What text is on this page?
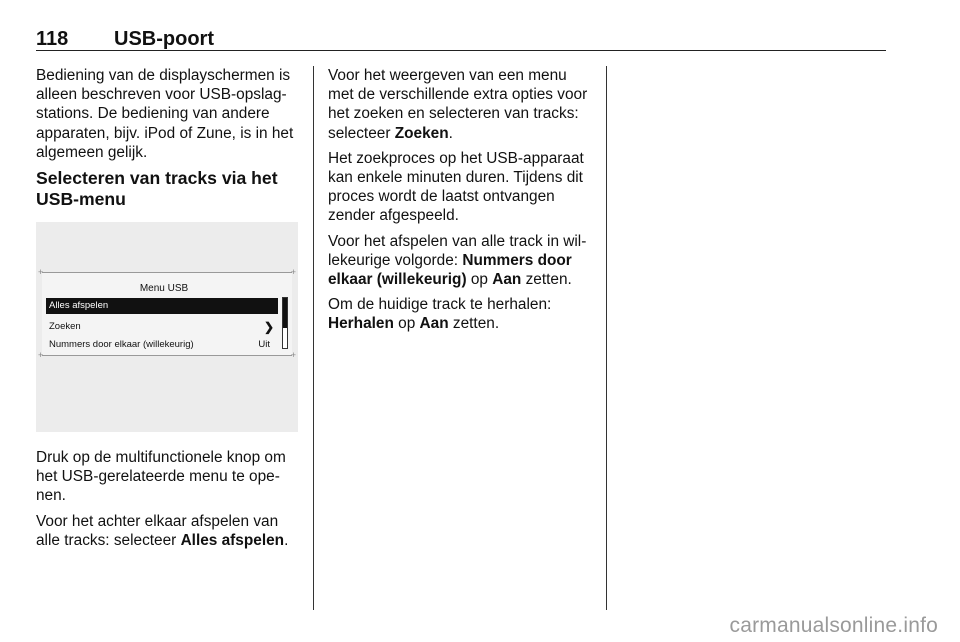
118 USB-poort

Bediening van de displayschermen is alleen beschreven voor USB-opslagstations. De bediening van andere apparaten, bijv. iPod of Zune, is in het algemeen gelijk.

Selecteren van tracks via het USB-menu
+	+
+	+
Menu USB
Alles afspelen
Zoeken	❯
Nummers door elkaar (willekeurig)	Uit

Druk op de multifunctionele knop om het USB-gerelateerde menu te openen.

Voor het achter elkaar afspelen van alle tracks: selecteer Alles afspelen.

Voor het weergeven van een menu met de verschillende extra opties voor het zoeken en selecteren van tracks: selecteer Zoeken.

Het zoekproces op het USB-apparaat kan enkele minuten duren. Tijdens dit proces wordt de laatst ontvangen zender afgespeeld.

Voor het afspelen van alle track in willekeurige volgorde: Nummers door elkaar (willekeurig) op Aan zetten.

Om de huidige track te herhalen: Herhalen op Aan zetten.

carmanualsonline.info
